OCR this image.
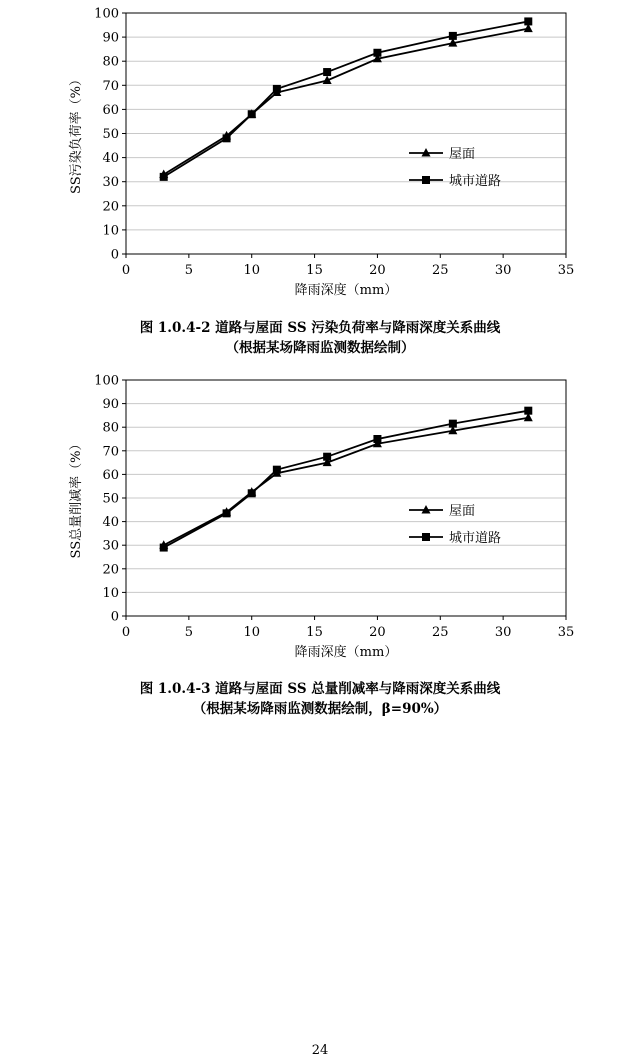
0
10
20
30
40
50
60
70
80
90
100
0	5	10	15	20	25	30	35
降雨深度（mm）
SS污染负荷率（%）	屋面
城市道路
图 1.0.4-2 道路与屋面 SS 污染负荷率与降雨深度关系曲线
（根据某场降雨监测数据绘制）
0
10
20
30
40
50
60
70
80
90
100
0	5	10	15	20	25	30	35
降雨深度（mm）
SS总量削减率（%）	屋面
城市道路
图 1.0.4-3 道路与屋面 SS 总量削减率与降雨深度关系曲线
（根据某场降雨监测数据绘制，β=90%）
24
